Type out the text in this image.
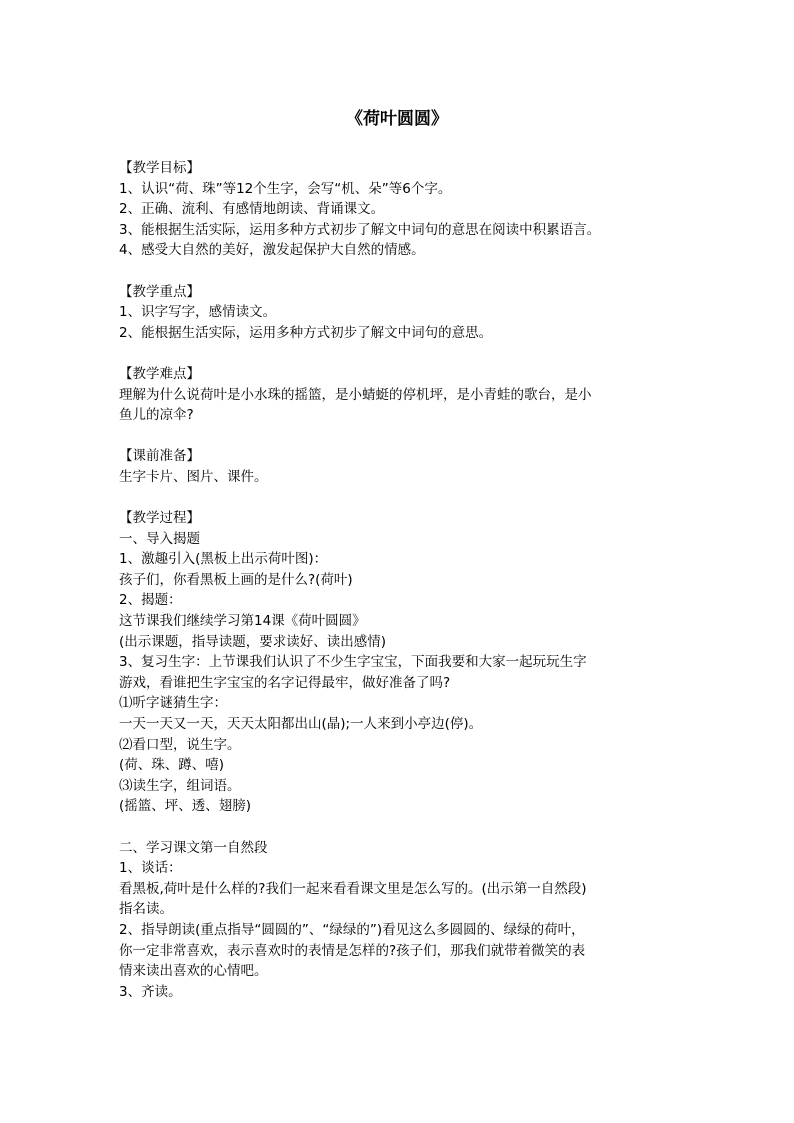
《荷叶圆圆》
【教学目标】
1、认识“荷、珠”等12个生字，会写“机、朵”等6个字。
2、正确、流利、有感情地朗读、背诵课文。
3、能根据生活实际，运用多种方式初步了解文中词句的意思在阅读中积累语言。
4、感受大自然的美好，激发起保护大自然的情感。
【教学重点】
1、识字写字，感情读文。
2、能根据生活实际，运用多种方式初步了解文中词句的意思。
【教学难点】
理解为什么说荷叶是小水珠的摇篮，是小蜻蜓的停机坪，是小青蛙的歌台，是小
鱼儿的凉伞?
【课前准备】
生字卡片、图片、课件。
【教学过程】
一、导入揭题
1、激趣引入(黑板上出示荷叶图)：
孩子们，你看黑板上画的是什么?(荷叶)
2、揭题：
这节课我们继续学习第14课《荷叶圆圆》
(出示课题，指导读题，要求读好、读出感情)
3、复习生字：上节课我们认识了不少生字宝宝，下面我要和大家一起玩玩生字
游戏，看谁把生字宝宝的名字记得最牢，做好准备了吗?
⑴听字谜猜生字：
一天一天又一天，天天太阳都出山(晶);一人来到小亭边(停)。
⑵看口型，说生字。
(荷、珠、蹲、嘻)
⑶读生字，组词语。
(摇篮、坪、透、翅膀)
二、学习课文第一自然段
1、谈话：
看黑板,荷叶是什么样的?我们一起来看看课文里是怎么写的。(出示第一自然段)
指名读。
2、指导朗读(重点指导“圆圆的”、“绿绿的”)看见这么多圆圆的、绿绿的荷叶，
你一定非常喜欢，表示喜欢时的表情是怎样的?孩子们，那我们就带着微笑的表
情来读出喜欢的心情吧。
3、齐读。
